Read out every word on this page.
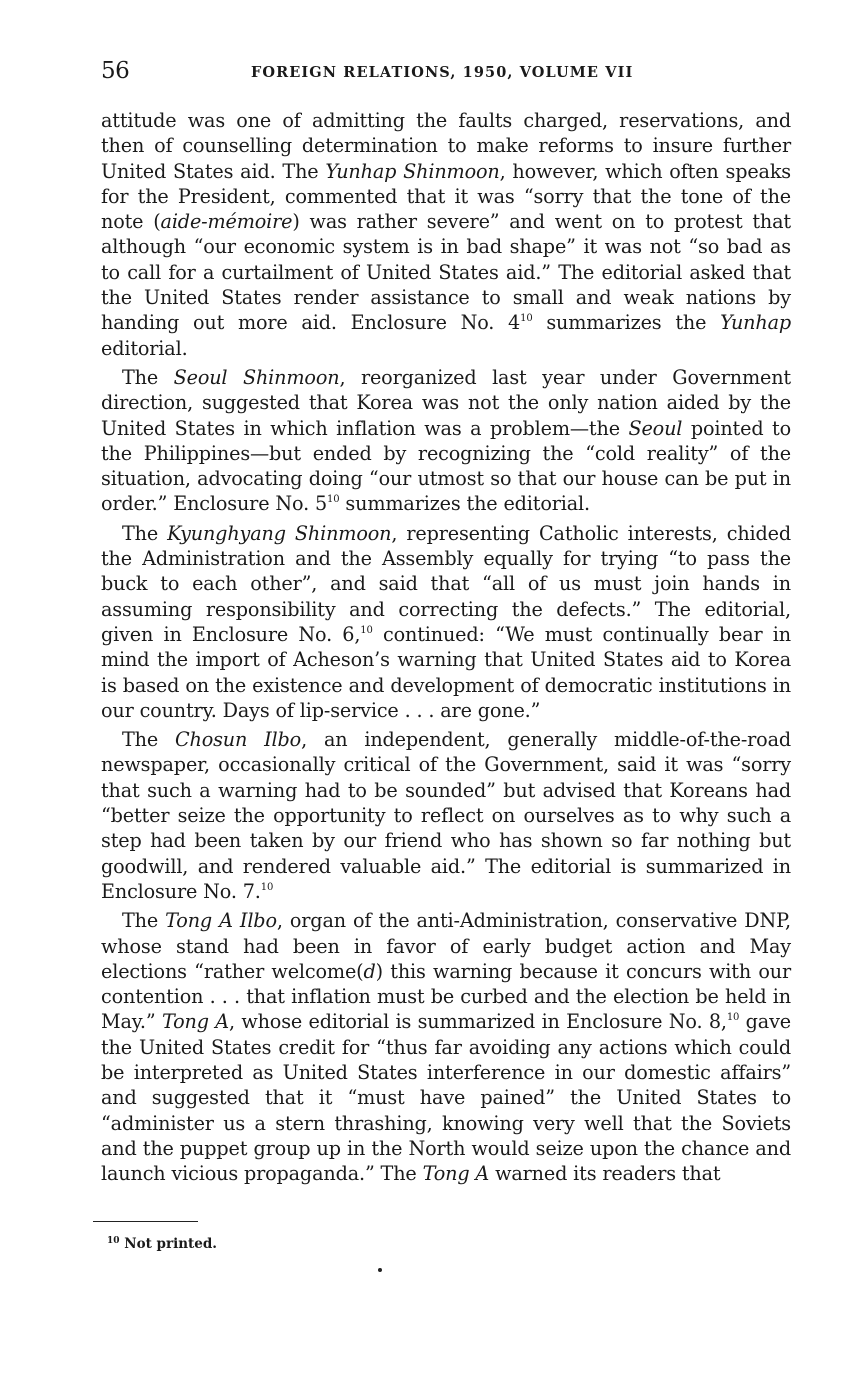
56	FOREIGN RELATIONS, 1950, VOLUME VII

attitude was one of admitting the faults charged, reservations, and then of counselling determination to make reforms to insure further United States aid. The Yunhap Shinmoon, however, which often speaks for the President, commented that it was “sorry that the tone of the note (aide-mémoire) was rather severe” and went on to protest that although “our economic system is in bad shape” it was not “so bad as to call for a curtailment of United States aid.” The editorial asked that the United States render assistance to small and weak nations by handing out more aid. Enclosure No. $4^{10}$ summarizes the Yunhap editorial.

The Seoul Shinmoon, reorganized last year under Government direction, suggested that Korea was not the only nation aided by the United States in which inflation was a problem—the Seoul pointed to the Philippines—but ended by recognizing the “cold reality” of the situation, advocating doing “our utmost so that our house can be put in order.” Enclosure No. $5^{10}$ summarizes the editorial.

The Kyunghyang Shinmoon, representing Catholic interests, chided the Administration and the Assembly equally for trying “to pass the buck to each other”, and said that “all of us must join hands in assuming responsibility and correcting the defects.” The editorial, given in Enclosure No. 6,10 continued: “We must continually bear in mind the import of Acheson’s warning that United States aid to Korea is based on the existence and development of democratic institutions in our country. Days of lip-service . . . are gone.”

The Chosun Ilbo, an independent, generally middle-of-the-road newspaper, occasionally critical of the Government, said it was “sorry that such a warning had to be sounded” but advised that Koreans had “better seize the opportunity to reflect on ourselves as to why such a step had been taken by our friend who has shown so far nothing but goodwill, and rendered valuable aid.” The editorial is summarized in Enclosure No. 7.10

The Tong A Ilbo, organ of the anti-Administration, conservative DNP, whose stand had been in favor of early budget action and May elections “rather welcome(d) this warning because it concurs with our contention . . . that inflation must be curbed and the election be held in May.” Tong A, whose editorial is summarized in Enclosure No. 8,10 gave the United States credit for “thus far avoiding any actions which could be interpreted as United States interference in our domestic affairs” and suggested that it “must have pained” the United States to “administer us a stern thrashing, knowing very well that the Soviets and the puppet group up in the North would seize upon the chance and launch vicious propaganda.” The Tong A warned its readers that

$^{10}$ Not printed.
